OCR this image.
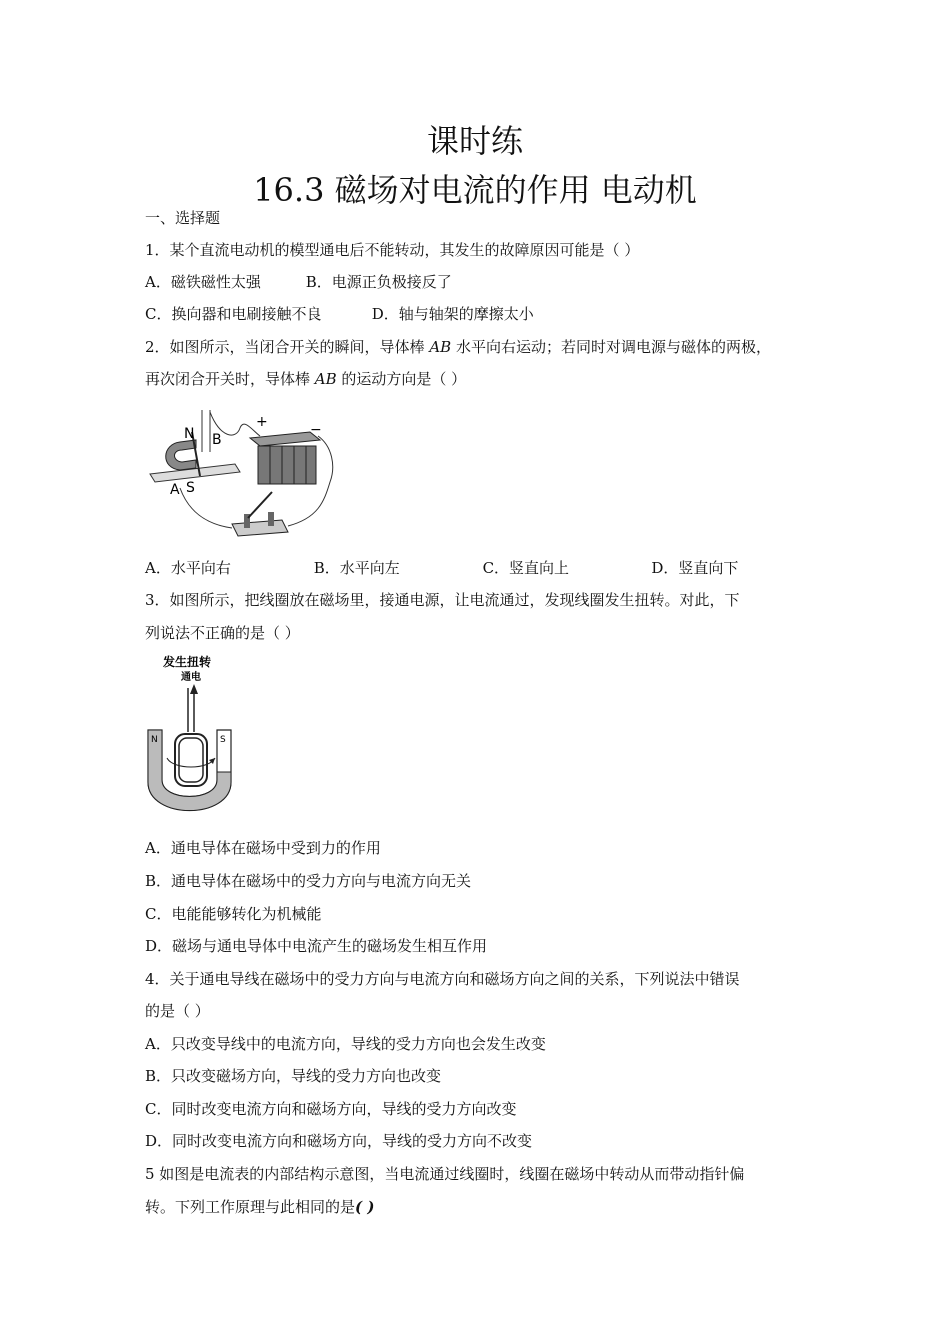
课时练
16.3 磁场对电流的作用 电动机
一、选择题
1．某个直流电动机的模型通电后不能转动，其发生的故障原因可能是（ ）
A．磁铁磁性太强	B．电源正负极接反了
C．换向器和电刷接触不良	D．轴与轴架的摩擦太小
2．如图所示，当闭合开关的瞬间，导体棒 AB 水平向右运动；若同时对调电源与磁体的两极，
再次闭合开关时，导体棒 AB 的运动方向是（ ）
N B
A S
+	−
A．水平向右	B．水平向左	C．竖直向上	D．竖直向下
3．如图所示，把线圈放在磁场里，接通电源，让电流通过，发现线圈发生扭转。对此，下
列说法不正确的是（ ）
发生扭转
通电
N	S
A．通电导体在磁场中受到力的作用
B．通电导体在磁场中的受力方向与电流方向无关
C．电能能够转化为机械能
D．磁场与通电导体中电流产生的磁场发生相互作用
4．关于通电导线在磁场中的受力方向与电流方向和磁场方向之间的关系，下列说法中错误
的是（ ）
A．只改变导线中的电流方向，导线的受力方向也会发生改变
B．只改变磁场方向，导线的受力方向也改变
C．同时改变电流方向和磁场方向，导线的受力方向改变
D．同时改变电流方向和磁场方向，导线的受力方向不改变
5 如图是电流表的内部结构示意图，当电流通过线圈时，线圈在磁场中转动从而带动指针偏
转。下列工作原理与此相同的是( )
